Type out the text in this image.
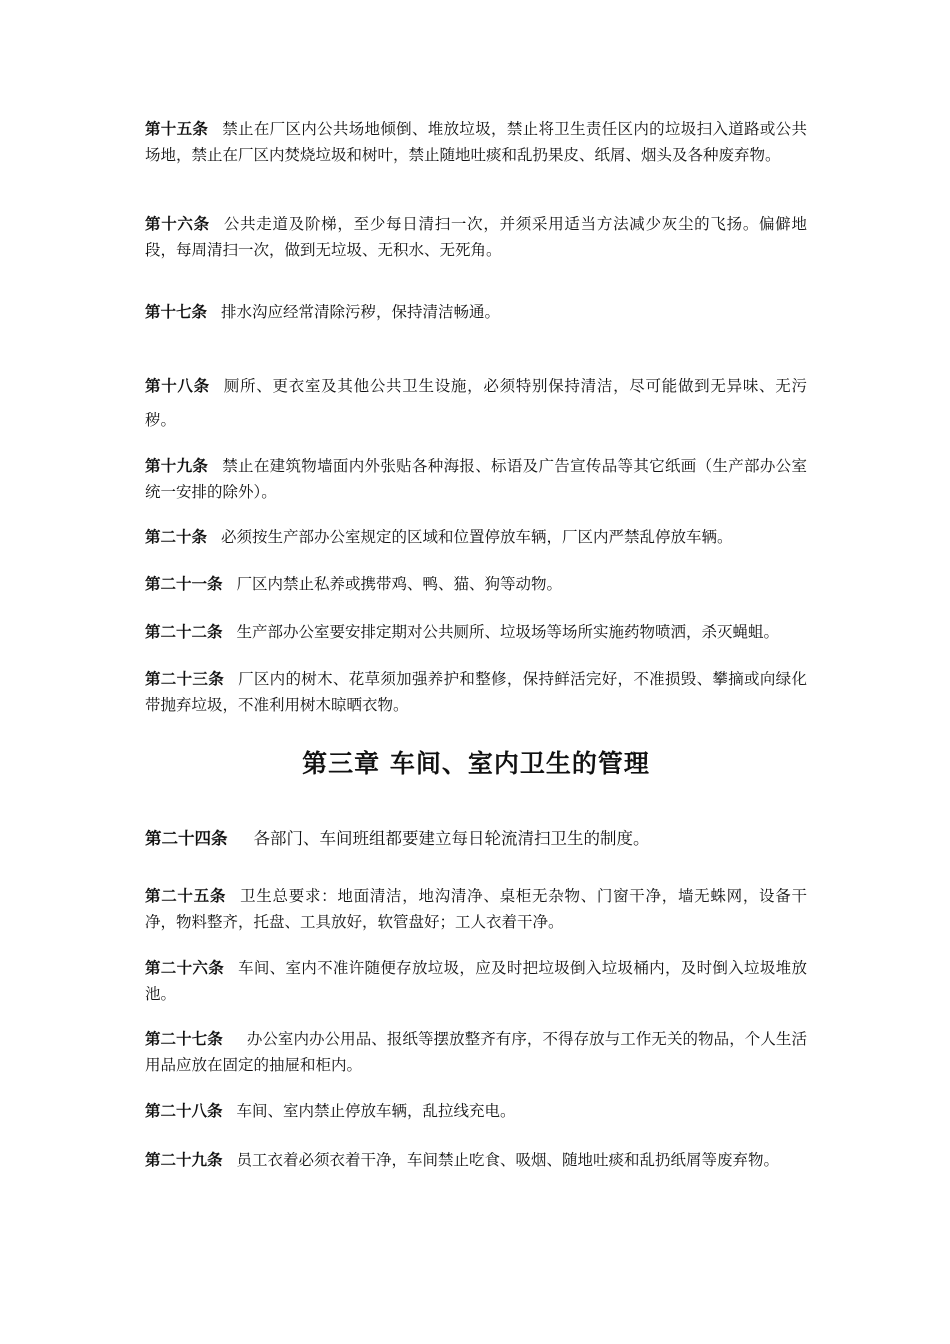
第十五条 禁止在厂区内公共场地倾倒、堆放垃圾，禁止将卫生责任区内的垃圾扫入道路或公共场地，禁止在厂区内焚烧垃圾和树叶，禁止随地吐痰和乱扔果皮、纸屑、烟头及各种废弃物。

第十六条 公共走道及阶梯，至少每日清扫一次，并须采用适当方法减少灰尘的飞扬。偏僻地段，每周清扫一次，做到无垃圾、无积水、无死角。

第十七条 排水沟应经常清除污秽，保持清洁畅通。

第十八条 厕所、更衣室及其他公共卫生设施，必须特别保持清洁，尽可能做到无异味、无污秽。

第十九条 禁止在建筑物墙面内外张贴各种海报、标语及广告宣传品等其它纸画（生产部办公室统一安排的除外）。

第二十条 必须按生产部办公室规定的区域和位置停放车辆，厂区内严禁乱停放车辆。

第二十一条 厂区内禁止私养或携带鸡、鸭、猫、狗等动物。

第二十二条 生产部办公室要安排定期对公共厕所、垃圾场等场所实施药物喷洒，杀灭蝇蛆。

第二十三条 厂区内的树木、花草须加强养护和整修，保持鲜活完好，不准损毁、攀摘或向绿化带抛弃垃圾，不准利用树木晾晒衣物。

第三章 车间、室内卫生的管理

第二十四条 各部门、车间班组都要建立每日轮流清扫卫生的制度。

第二十五条 卫生总要求：地面清洁，地沟清净、桌柜无杂物、门窗干净，墙无蛛网，设备干净，物料整齐，托盘、工具放好，软管盘好；工人衣着干净。

第二十六条 车间、室内不准许随便存放垃圾，应及时把垃圾倒入垃圾桶内，及时倒入垃圾堆放池。

第二十七条 办公室内办公用品、报纸等摆放整齐有序，不得存放与工作无关的物品，个人生活用品应放在固定的抽屉和柜内。

第二十八条 车间、室内禁止停放车辆，乱拉线充电。

第二十九条 员工衣着必须衣着干净，车间禁止吃食、吸烟、随地吐痰和乱扔纸屑等废弃物。
